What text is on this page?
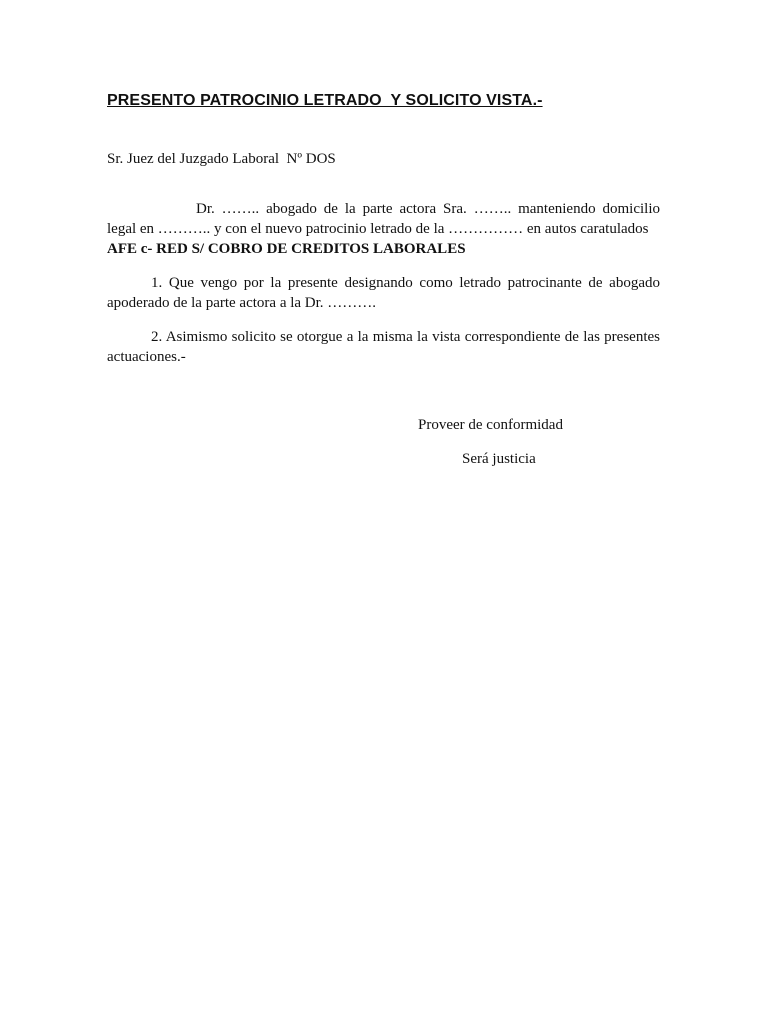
PRESENTO PATROCINIO LETRADO  Y SOLICITO VISTA.-

Sr. Juez del Juzgado Laboral  Nº DOS

Dr. …….. abogado de la parte actora Sra. …….. manteniendo domicilio
legal en ……….. y con el nuevo patrocinio letrado de la …………… en autos caratulados
AFE c- RED S/ COBRO DE CREDITOS LABORALES

1. Que vengo por la presente designando como letrado patrocinante de abogado apoderado de la parte actora a la Dr. ……….

2. Asimismo solicito se otorgue a la misma la vista correspondiente de las presentes actuaciones.-

Proveer de conformidad

Será justicia
